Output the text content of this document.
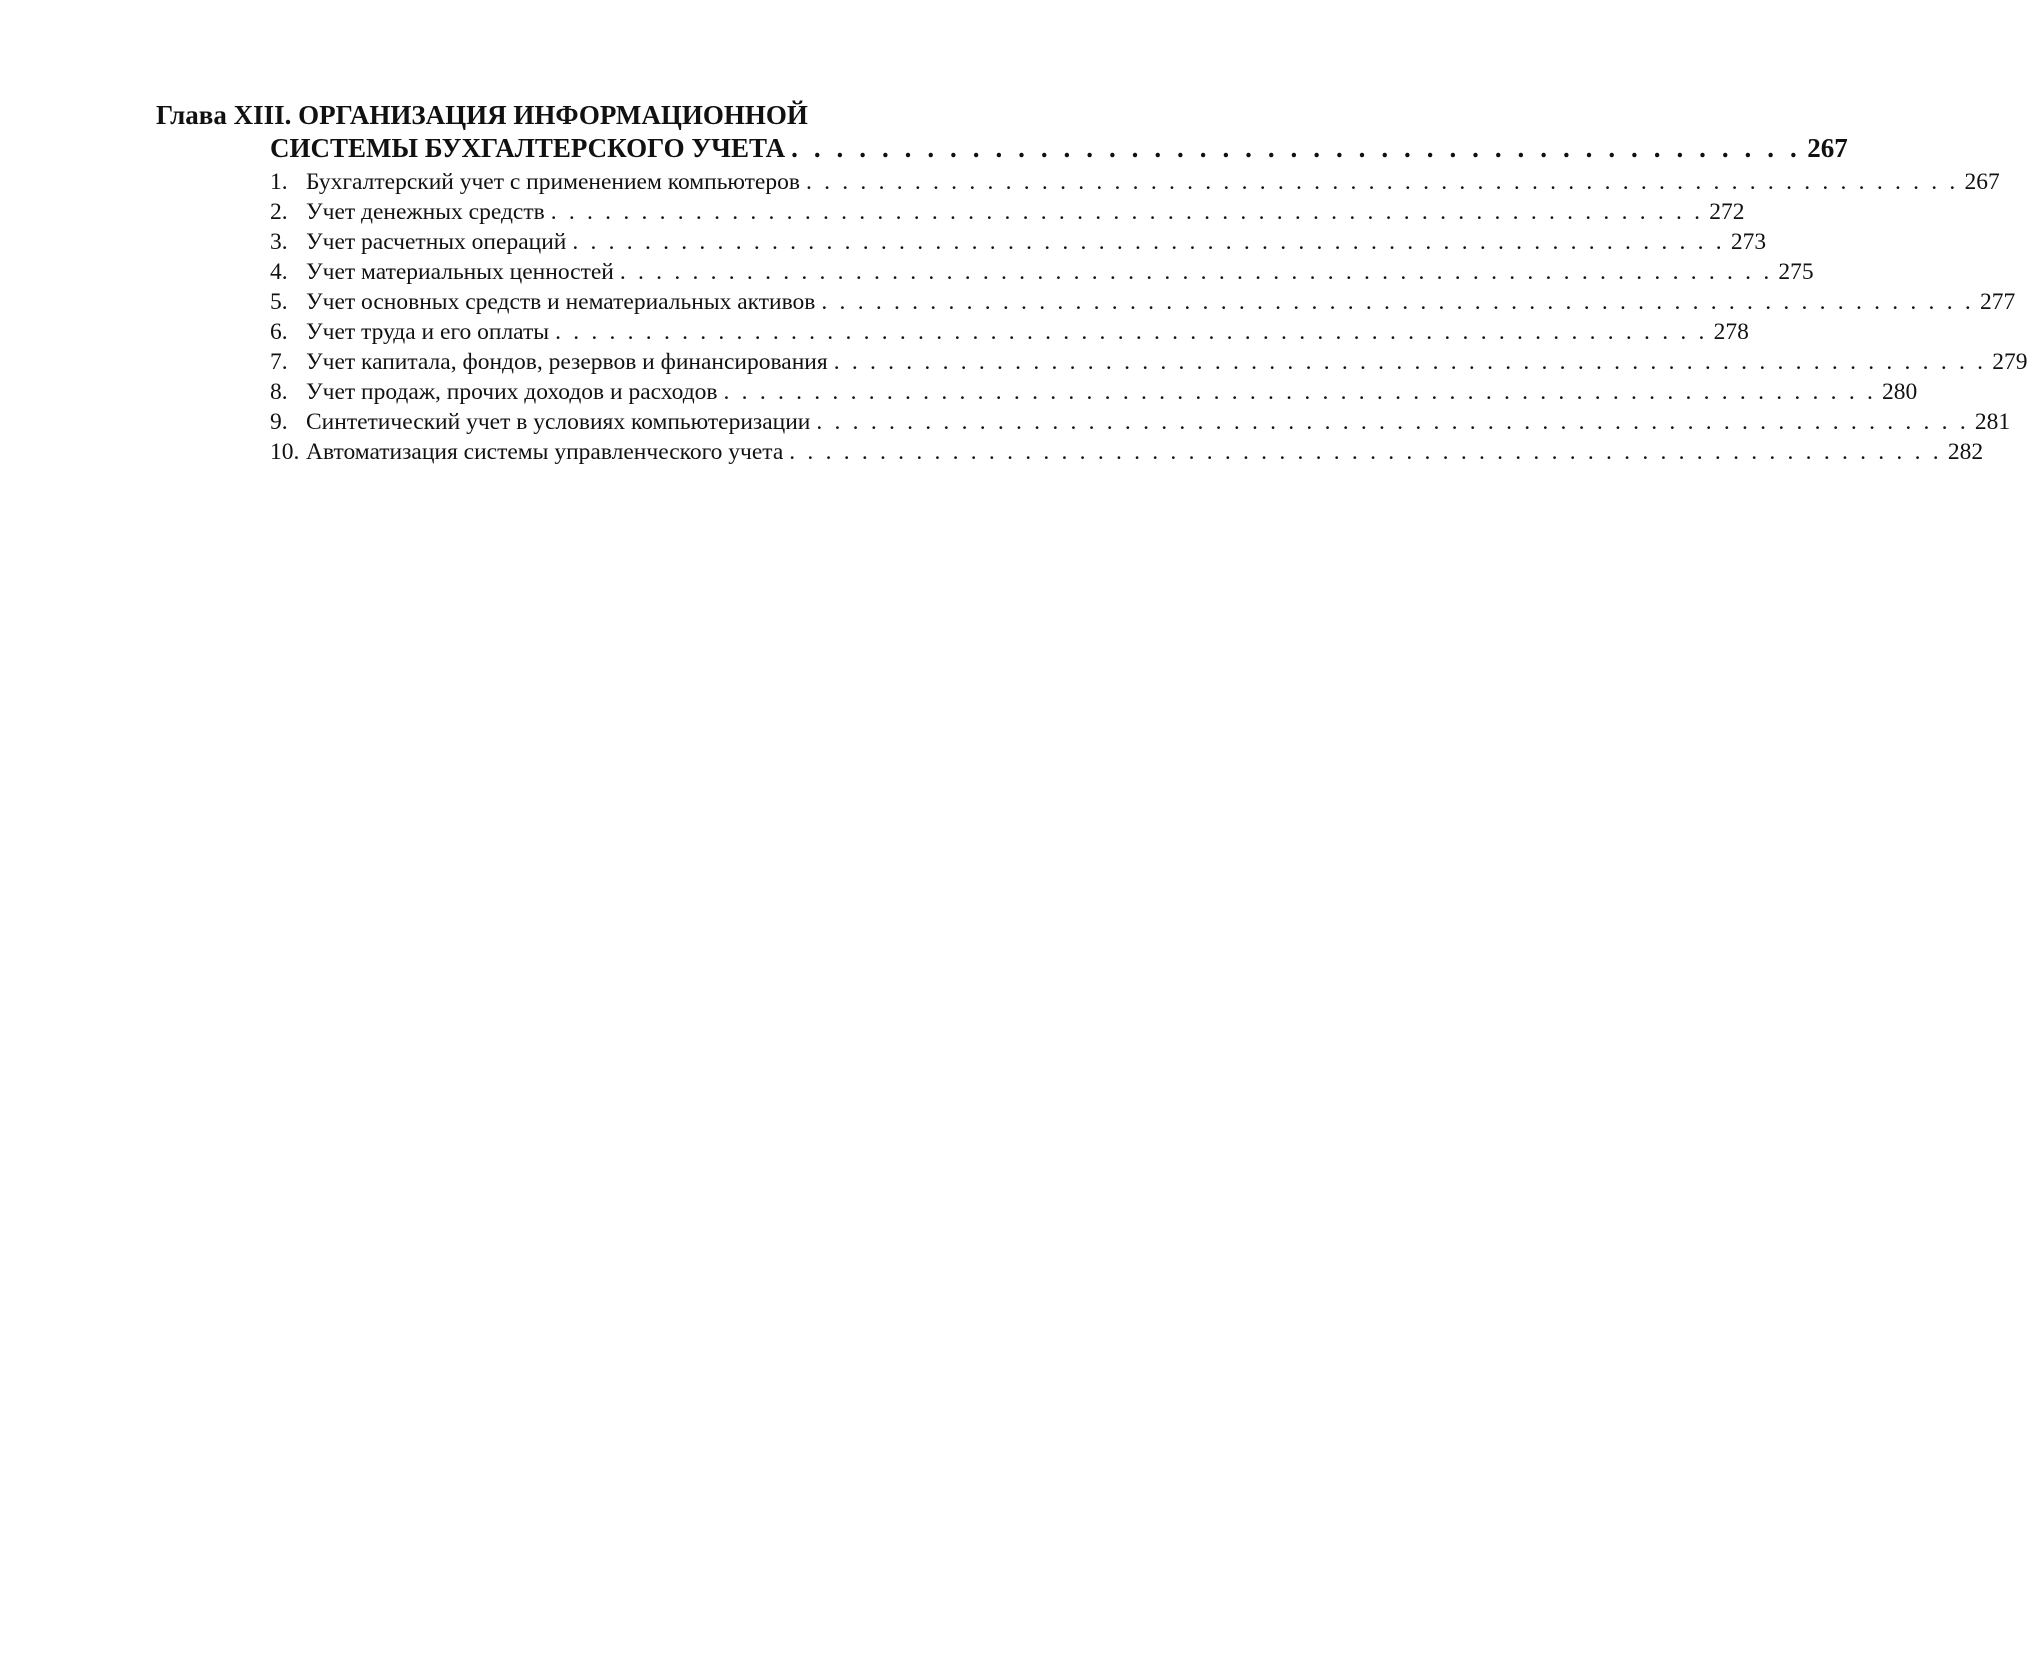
Глава XIII. ОРГАНИЗАЦИЯ ИНФОРМАЦИОННОЙ
СИСТЕМЫ БУХГАЛТЕРСКОГО УЧЕТА . . . . . . . . . . . . . . . . . . . . . . . . . . . . . . . . . . . . . . . . . . . . . 267
1. Бухгалтерский учет с применением компьютеров . . . . . . . . . . . . . . . . . . . . . . . . . . . . . . . . . . . . . . . . . . . . . . . . . . . . . . . . . . . . . . . . 267
2. Учет денежных средств . . . . . . . . . . . . . . . . . . . . . . . . . . . . . . . . . . . . . . . . . . . . . . . . . . . . . . . . . . . . . . . . 272
3. Учет расчетных операций . . . . . . . . . . . . . . . . . . . . . . . . . . . . . . . . . . . . . . . . . . . . . . . . . . . . . . . . . . . . . . . . 273
4. Учет материальных ценностей . . . . . . . . . . . . . . . . . . . . . . . . . . . . . . . . . . . . . . . . . . . . . . . . . . . . . . . . . . . . . . . . 275
5. Учет основных средств и нематериальных активов . . . . . . . . . . . . . . . . . . . . . . . . . . . . . . . . . . . . . . . . . . . . . . . . . . . . . . . . . . . . . . . . 277
6. Учет труда и его оплаты . . . . . . . . . . . . . . . . . . . . . . . . . . . . . . . . . . . . . . . . . . . . . . . . . . . . . . . . . . . . . . . . 278
7. Учет капитала, фондов, резервов и финансирования . . . . . . . . . . . . . . . . . . . . . . . . . . . . . . . . . . . . . . . . . . . . . . . . . . . . . . . . . . . . . . . . 279
8. Учет продаж, прочих доходов и расходов . . . . . . . . . . . . . . . . . . . . . . . . . . . . . . . . . . . . . . . . . . . . . . . . . . . . . . . . . . . . . . . . 280
9. Синтетический учет в условиях компьютеризации . . . . . . . . . . . . . . . . . . . . . . . . . . . . . . . . . . . . . . . . . . . . . . . . . . . . . . . . . . . . . . . . 281
10. Автоматизация системы управленческого учета . . . . . . . . . . . . . . . . . . . . . . . . . . . . . . . . . . . . . . . . . . . . . . . . . . . . . . . . . . . . . . . . 282
